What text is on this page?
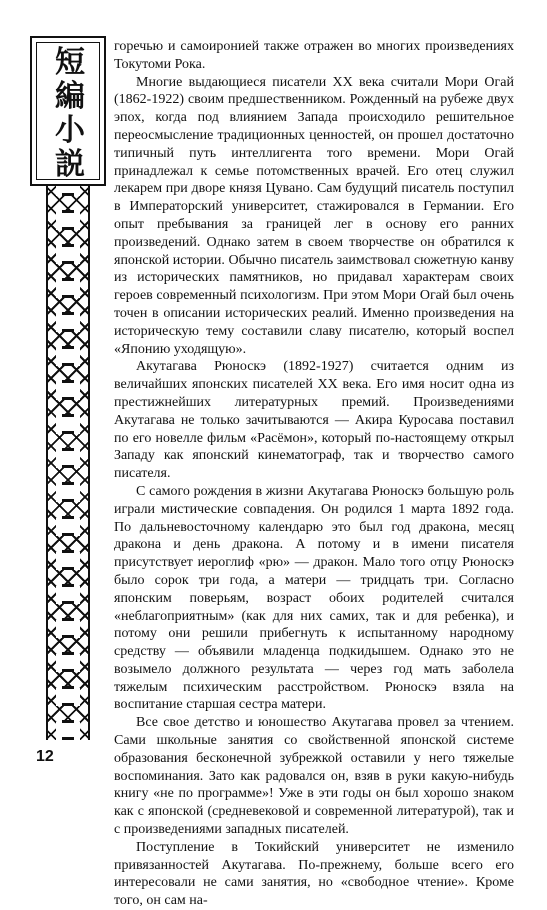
短
編
小
説

горечью и самоиронией также отражен во многих произведениях Токутоми Рока.

Многие выдающиеся писатели XX века считали Мори Огай (1862-1922) своим предшественником. Рожденный на рубеже двух эпох, когда под влиянием Запада происходило решительное переосмысление традиционных ценностей, он прошел достаточно типичный путь интеллигента того времени. Мори Огай принадлежал к семье потомственных врачей. Его отец служил лекарем при дворе князя Цувано. Сам будущий писатель поступил в Императорский университет, стажировался в Германии. Его опыт пребывания за границей лег в основу его ранних произведений. Однако затем в своем творчестве он обратился к японской истории. Обычно писатель заимствовал сюжетную канву из исторических памятников, но придавал характерам своих героев современный психологизм. При этом Мори Огай был очень точен в описании исторических реалий. Именно произведения на историческую тему составили славу писателю, который воспел «Японию уходящую».

Акутагава Рюноскэ (1892-1927) считается одним из величайших японских писателей XX века. Его имя носит одна из престижнейших литературных премий. Произведениями Акутагава не только зачитываются — Акира Куросава поставил по его новелле фильм «Расёмон», который по-настоящему открыл Западу как японский кинематограф, так и творчество самого писателя.

С самого рождения в жизни Акутагава Рюноскэ большую роль играли мистические совпадения. Он родился 1 марта 1892 года. По дальневосточному календарю это был год дракона, месяц дракона и день дракона. А потому и в имени писателя присутствует иероглиф «рю» — дракон. Мало того отцу Рюноскэ было сорок три года, а матери — тридцать три. Согласно японским поверьям, возраст обоих родителей считался «неблагоприятным» (как для них самих, так и для ребенка), и потому они решили прибегнуть к испытанному народному средству — объявили младенца подкидышем. Однако это не возымело должного результата — через год мать заболела тяжелым психическим расстройством. Рюноскэ взяла на воспитание старшая сестра матери.

Все свое детство и юношество Акутагава провел за чтением. Сами школьные занятия со свойственной японской системе образования бесконечной зубрежкой оставили у него тяжелые воспоминания. Зато как радовался он, взяв в руки какую-нибудь книгу «не по программе»! Уже в эти годы он был хорошо знаком как с японской (средневековой и современной литературой), так и с произведениями западных писателей.

Поступление в Токийский университет не изменило привязанностей Акутагава. По-прежнему, больше всего его интересовали не сами занятия, но «свободное чтение». Кроме того, он сам на-

12
